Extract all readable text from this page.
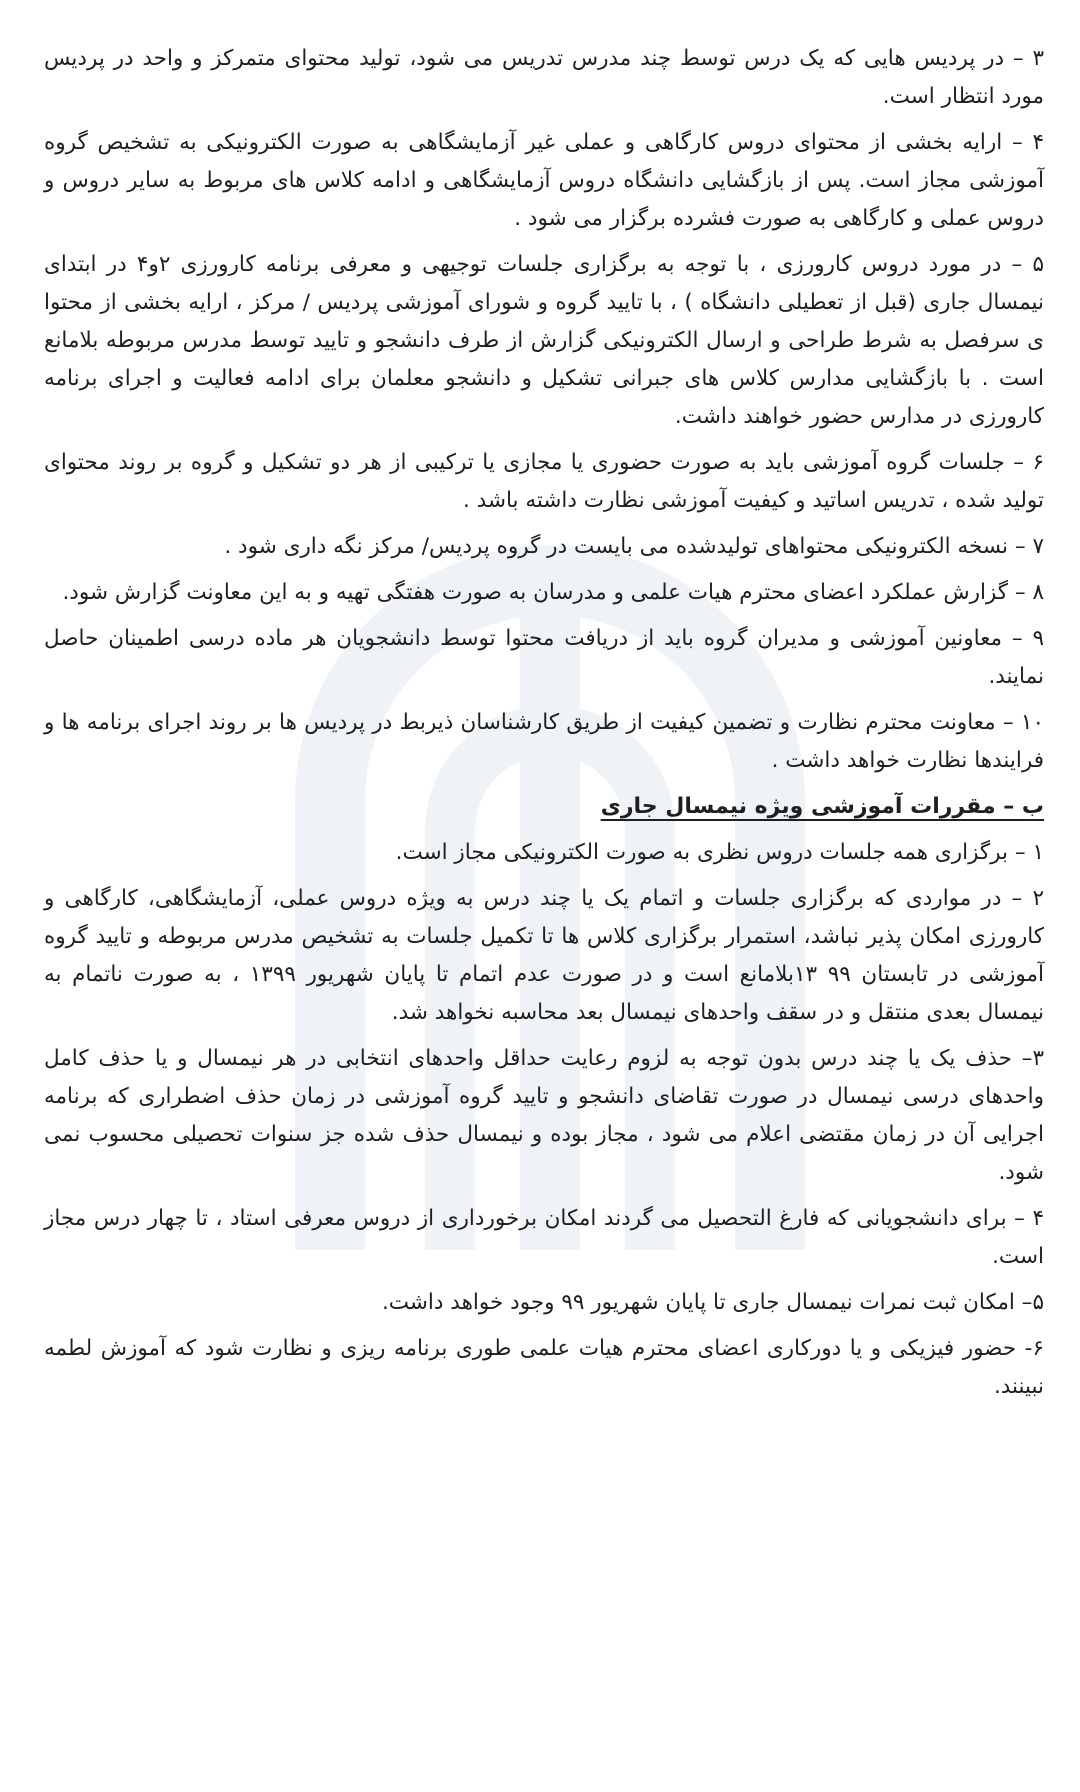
۳ – در پردیس هایی که یک درس توسط چند مدرس تدریس می شود، تولید محتوای متمرکز و واحد در پردیس مورد انتظار است.

۴ – ارایه بخشی از محتوای دروس کارگاهی و عملی غیر آزمایشگاهی به صورت الکترونیکی به تشخیص گروه آموزشی مجاز است. پس از بازگشایی دانشگاه دروس آزمایشگاهی و ادامه کلاس های مربوط به سایر دروس و دروس عملی و کارگاهی به صورت فشرده برگزار می شود .

۵ – در مورد دروس کارورزی ، با توجه به برگزاری جلسات توجیهی و معرفی برنامه کارورزی ۲و۴ در ابتدای نیمسال جاری (قبل از تعطیلی دانشگاه ) ، با تایید گروه و شورای آموزشی پردیس / مرکز ، ارایه بخشی از محتوا ی سرفصل به شرط طراحی و ارسال الکترونیکی گزارش از طرف دانشجو و تایید توسط مدرس مربوطه بلامانع است . با بازگشایی مدارس کلاس های جبرانی تشکیل و دانشجو معلمان برای ادامه فعالیت و اجرای برنامه کارورزی در مدارس حضور خواهند داشت.

۶ – جلسات گروه آموزشی باید به صورت حضوری یا مجازی یا ترکیبی از هر دو تشکیل و گروه بر روند محتوای تولید شده ، تدریس اساتید و کیفیت آموزشی نظارت داشته باشد .

۷ – نسخه الکترونیکی محتواهای تولیدشده می بایست در گروه پردیس/ مرکز نگه داری شود .

۸ – گزارش عملکرد اعضای محترم هیات علمی و مدرسان به صورت هفتگی تهیه و به این معاونت گزارش شود.

۹ – معاونین آموزشی و مدیران گروه باید از دریافت محتوا توسط دانشجویان هر ماده درسی اطمینان حاصل نمایند.

۱۰ – معاونت محترم نظارت و تضمین کیفیت از طریق کارشناسان ذیربط در پردیس ها بر روند اجرای برنامه ها و فرایندها نظارت خواهد داشت .

ب – مقررات آموزشی ویژه نیمسال جاری

۱ – برگزاری همه جلسات دروس نظری به صورت الکترونیکی مجاز است.

۲ – در مواردی که برگزاری جلسات و اتمام یک یا چند درس به ویژه دروس عملی، آزمایشگاهی، کارگاهی و کارورزی امکان پذیر نباشد، استمرار برگزاری کلاس ها تا تکمیل جلسات به تشخیص مدرس مربوطه و تایید گروه آموزشی در تابستان ۹۹ ۱۳بلامانع است و در صورت عدم اتمام تا پایان شهریور ۱۳۹۹ ، به صورت ناتمام به نیمسال بعدی منتقل و در سقف واحدهای نیمسال بعد محاسبه نخواهد شد.

۳– حذف یک یا چند درس بدون توجه به لزوم رعایت حداقل واحدهای انتخابی در هر نیمسال و یا حذف کامل واحدهای درسی نیمسال در صورت تقاضای دانشجو و تایید گروه آموزشی در زمان حذف اضطراری که برنامه اجرایی آن در زمان مقتضی اعلام می شود ، مجاز بوده و نیمسال حذف شده جز سنوات تحصیلی محسوب نمی شود.

۴ – برای دانشجویانی که فارغ التحصیل می گردند امکان برخورداری از دروس معرفی استاد ، تا چهار درس مجاز است.

۵– امکان ثبت نمرات نیمسال جاری تا پایان شهریور ۹۹ وجود خواهد داشت.

۶- حضور فیزیکی و یا دورکاری اعضای محترم هیات علمی طوری برنامه ریزی و نظارت شود که آموزش لطمه نبینند.
